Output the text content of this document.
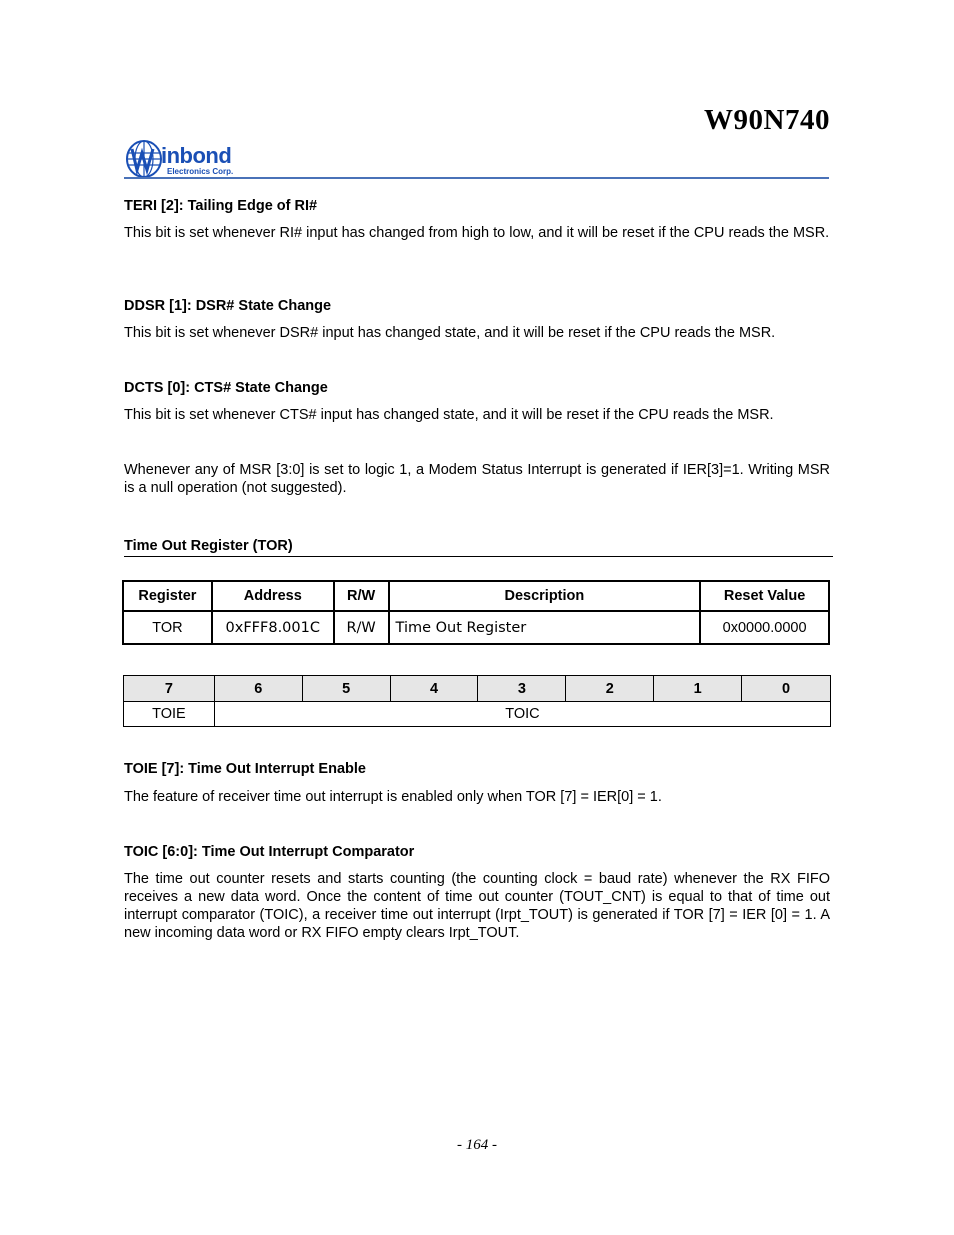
W90N740
inbond
Electronics Corp.
TERI [2]: Tailing Edge of RI#
This bit is set whenever RI# input has changed from high to low, and it will be reset if the CPU reads the MSR.
DDSR [1]: DSR# State Change
This bit is set whenever DSR# input has changed state, and it will be reset if the CPU reads the MSR.
DCTS [0]: CTS# State Change
This bit is set whenever CTS# input has changed state, and it will be reset if the CPU reads the MSR.
Whenever any of MSR [3:0] is set to logic 1, a Modem Status Interrupt is generated if IER[3]=1. Writing MSR is a null operation (not suggested).
Time Out Register (TOR)
Register	Address	R/W	Description	Reset Value
TOR	0xFFF8.001C	R/W	Time Out Register	0x0000.0000
7	6	5	4	3	2	1	0
TOIE	TOIC						
TOIE [7]: Time Out Interrupt Enable
The feature of receiver time out interrupt is enabled only when TOR [7] = IER[0] = 1.
TOIC [6:0]: Time Out Interrupt Comparator
The time out counter resets and starts counting (the counting clock = baud rate) whenever the RX FIFO receives a new data word. Once the content of time out counter (TOUT_CNT) is equal to that of time out interrupt comparator (TOIC), a receiver time out interrupt (Irpt_TOUT) is generated if TOR [7] = IER [0] = 1. A new incoming data word or RX FIFO empty clears Irpt_TOUT.
- 164 -
